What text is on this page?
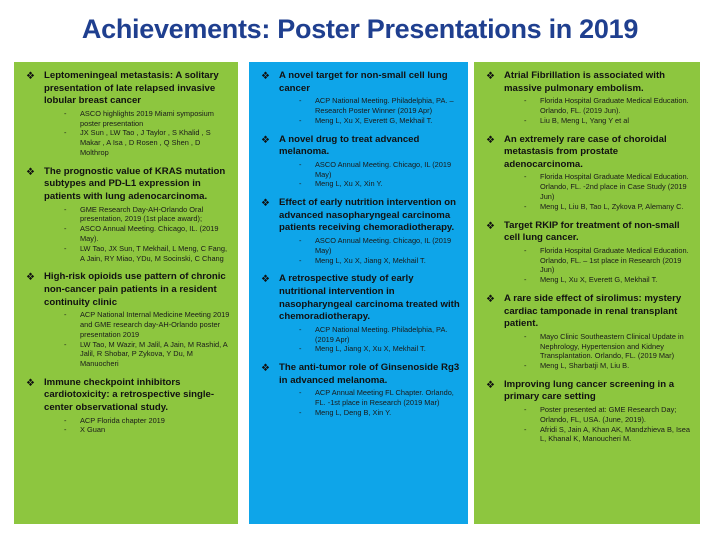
Achievements: Poster Presentations in 2019
❖ Leptomeningeal metastasis: A solitary presentation of late relapsed invasive lobular breast cancer
- ASCO highlights 2019 Miami symposium poster presentation
- JX Sun , LW Tao , J Taylor , S Khalid , S Makar , A Isa , D Rosen , Q Shen , D Molthrop
❖ The prognostic value of KRAS mutation subtypes and PD-L1 expression in patients with lung adenocarcinoma.
- GME Research Day-AH-Orlando Oral presentation, 2019 (1st place award);
- ASCO Annual Meeting. Chicago, IL. (2019 May).
- LW Tao, JX Sun, T Mekhail, L Meng, C Fang, A Jain, RY Miao, YDu, M Socinski, C Chang
❖ High-risk opioids use pattern of chronic non-cancer pain patients in a resident continuity clinic
- ACP National Internal Medicine Meeting 2019 and GME research day-AH-Orlando poster presentation 2019
- LW Tao, M Wazir, M Jalil, A Jain, M Rashid, A Jalil, R Shobar, P Zykova, Y Du, M Manuocheri
❖ Immune checkpoint inhibitors cardiotoxicity: a retrospective single-center observational study.
- ACP Florida chapter 2019
- X Guan
❖ A novel target for non-small cell lung cancer
- ACP National Meeting. Philadelphia, PA. – Research Poster Winner (2019 Apr)
- Meng L, Xu X, Everett G, Mekhail T.
❖ A novel drug to treat advanced melanoma.
- ASCO Annual Meeting. Chicago, IL (2019 May)
- Meng L, Xu X, Xin Y.
❖ Effect of early nutrition intervention on advanced nasopharyngeal carcinoma patients receiving chemoradiotherapy.
- ASCO Annual Meeting. Chicago, IL (2019 May)
- Meng L, Xu X, Jiang X, Mekhail T.
❖ A retrospective study of early nutritional intervention in nasopharyngeal carcinoma treated with chemoradiotherapy.
- ACP National Meeting. Philadelphia, PA. (2019 Apr)
- Meng L, Jiang X, Xu X, Mekhail T.
❖ The anti-tumor role of Ginsenoside Rg3 in advanced melanoma.
- ACP Annual Meeting FL Chapter. Orlando, FL. -1st place in Research (2019 Mar)
- Meng L, Deng B, Xin Y.
❖ Atrial Fibrillation is associated with massive pulmonary embolism.
- Florida Hospital Graduate Medical Education. Orlando, FL. (2019 Jun).
- Liu B, Meng L, Yang Y et al
❖ An extremely rare case of choroidal metastasis from prostate adenocarcinoma.
- Florida Hospital Graduate Medical Education. Orlando, FL. -2nd place in Case Study (2019 Jun)
- Meng L, Liu B, Tao L, Zykova P, Alemany C.
❖ Target RKIP for treatment of non-small cell lung cancer.
- Florida Hospital Graduate Medical Education. Orlando, FL. – 1st place in Research (2019 Jun)
- Meng L, Xu X, Everett G, Mekhail T.
❖ A rare side effect of sirolimus: mystery cardiac tamponade in renal transplant patient.
- Mayo Clinic Southeastern Clinical Update in Nephrology, Hypertension and Kidney Transplantation. Orlando, FL. (2019 Mar)
- Meng L, Sharbatji M, Liu B.
❖ Improving lung cancer screening in a primary care setting
- Poster presented at: GME Research Day; Orlando, FL, USA. (June, 2019).
- Afridi S, Jain A, Khan AK, Mandzhieva B, Isea L, Khanal K, Manoucheri M.
